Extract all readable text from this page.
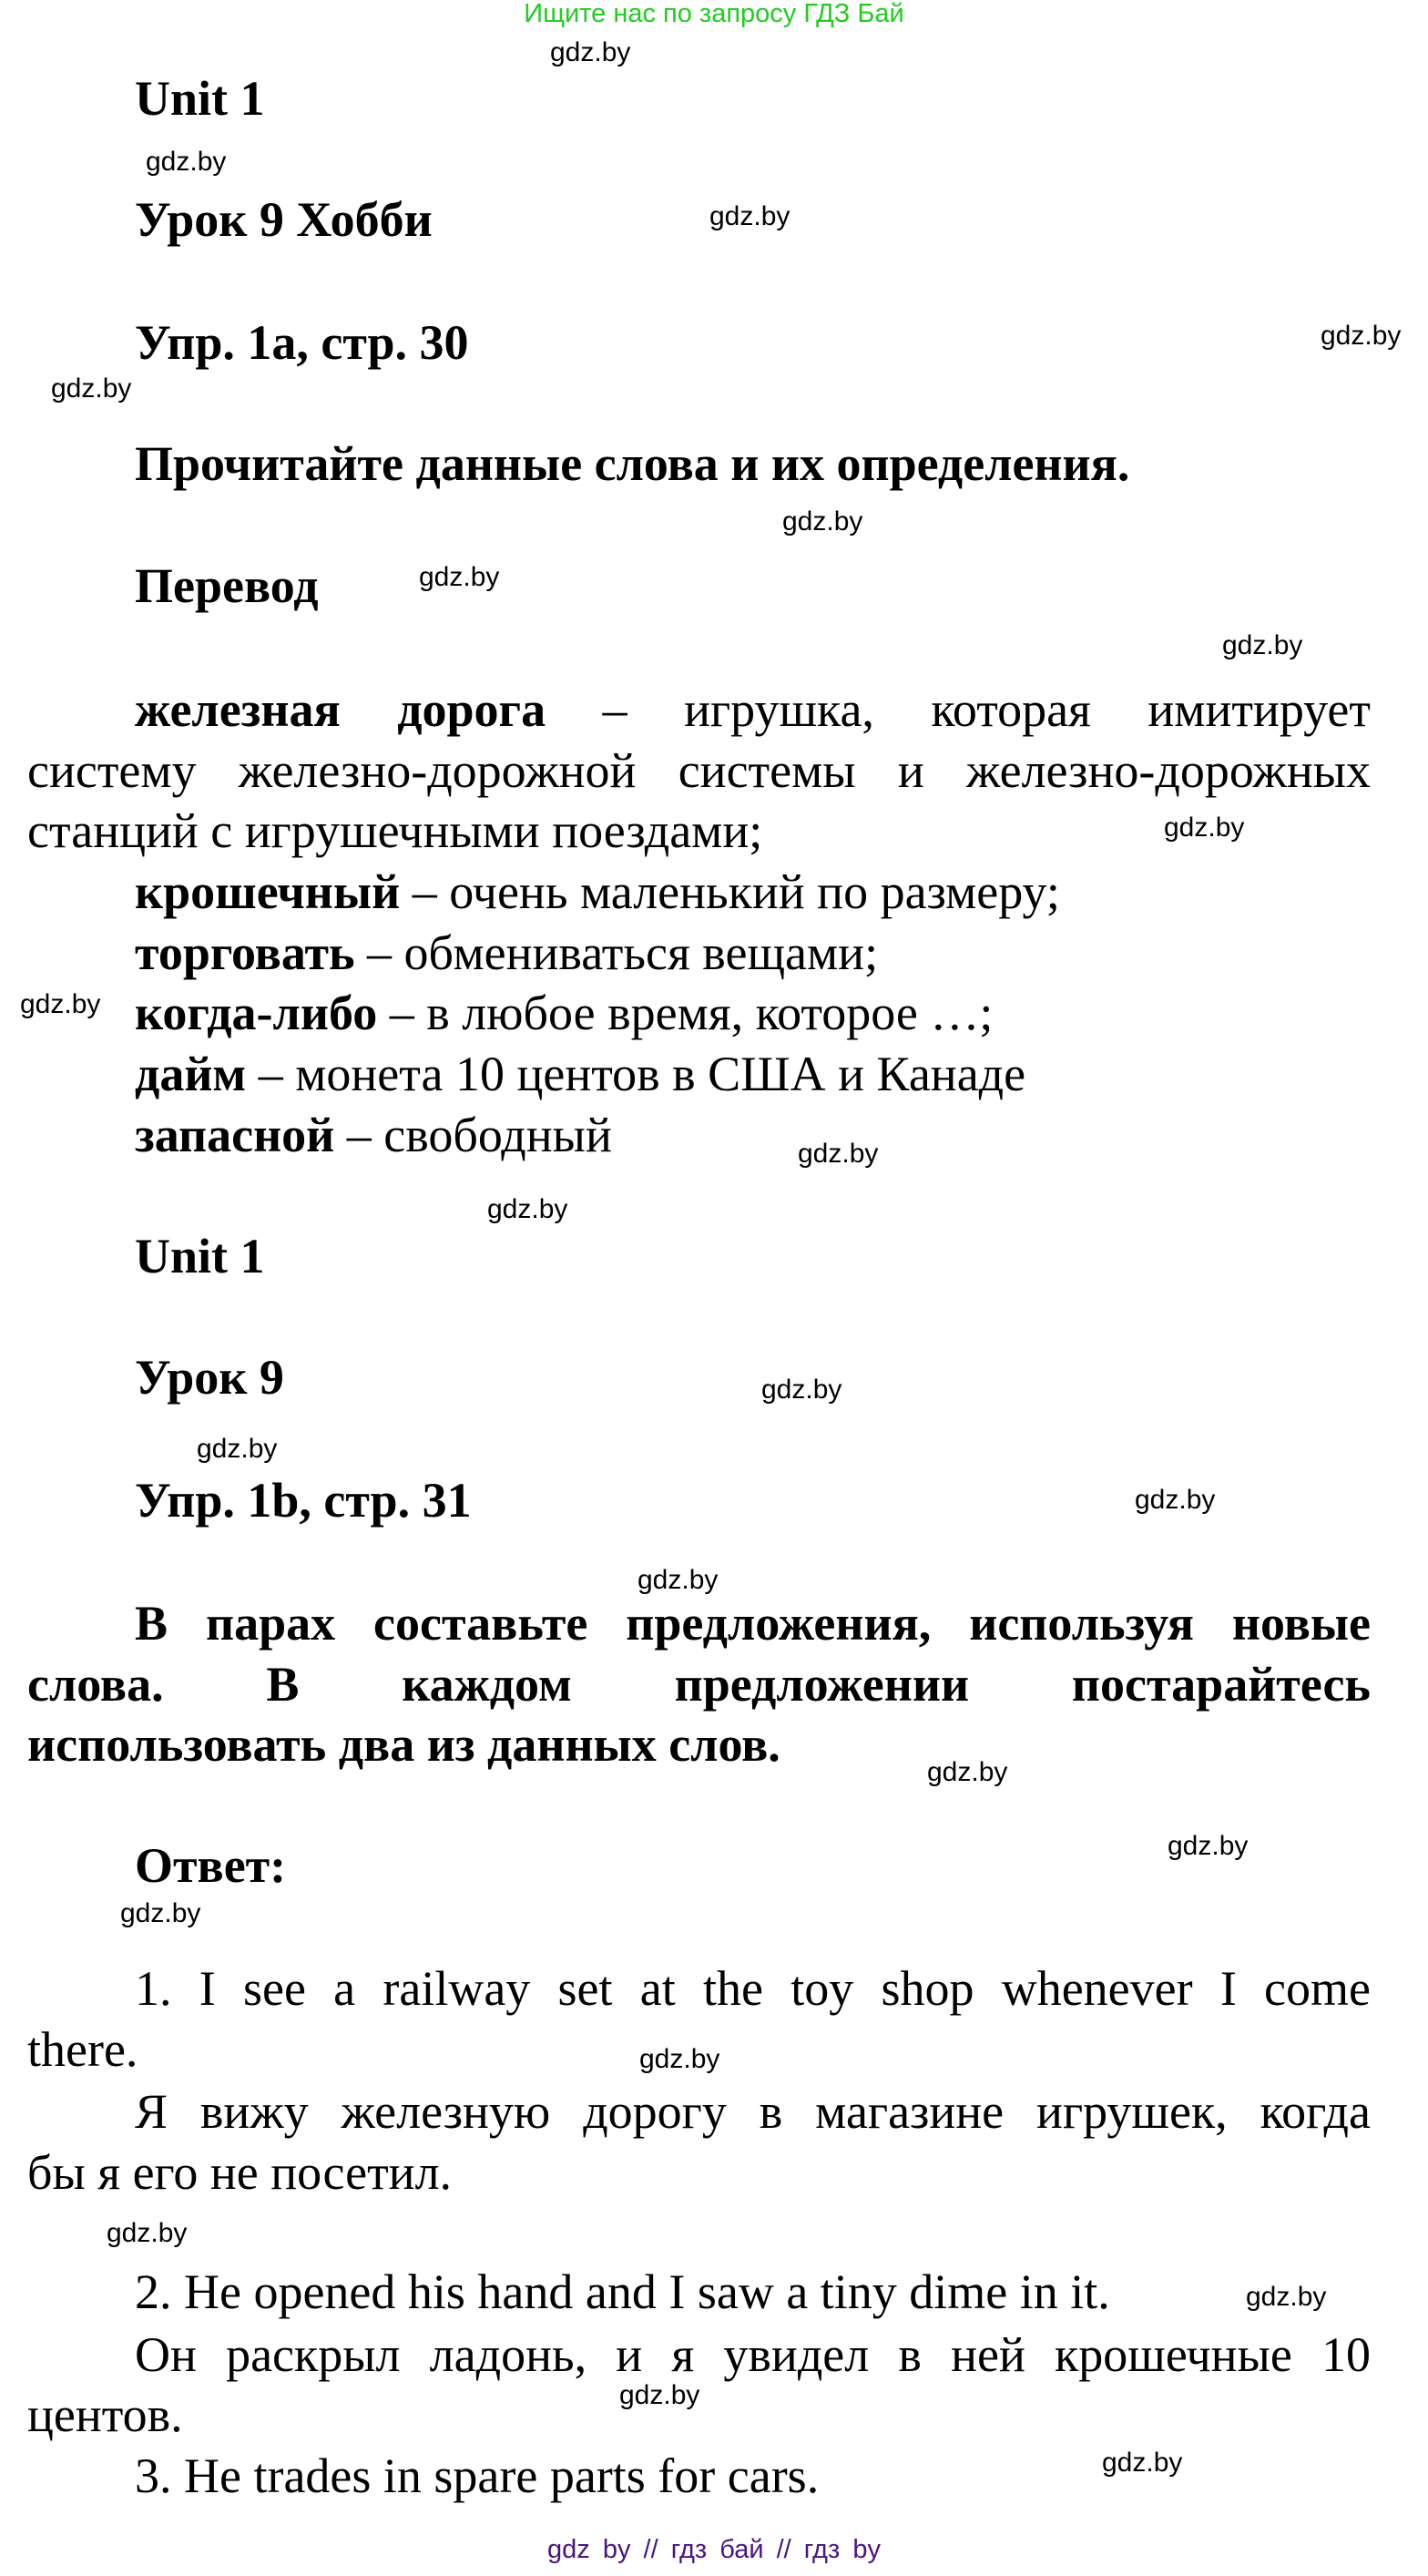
Ищите нас по запросу ГДЗ Бай
gdz.by
gdz.by
gdz.by
gdz.by
gdz.by
gdz.by
gdz.by
gdz.by
gdz.by
gdz.by
gdz.by
gdz.by
gdz.by
gdz.by
gdz.by
gdz.by
gdz.by
gdz.by
gdz.by
gdz.by
gdz.by
gdz.by
gdz.by
gdz.by
Unit 1
Урок 9 Хобби
Упр. 1a, стр. 30
Прочитайте данные слова и их определения.
Перевод
железная дорога – игрушка, которая имитирует
систему железно-дорожной системы и железно-дорожных
станций с игрушечными поездами;
крошечный – очень маленький по размеру;
торговать – обмениваться вещами;
когда-либо – в любое время, которое …;
дайм – монета 10 центов в США и Канаде
запасной – свободный
Unit 1
Урок 9
Упр. 1b, стр. 31
В парах составьте предложения, используя новые
слова. В каждом предложении постарайтесь
использовать два из данных слов.
Ответ:
1. I see a railway set at the toy shop whenever I come
there.
Я вижу железную дорогу в магазине игрушек, когда
бы я его не посетил.
2. He opened his hand and I saw a tiny dime in it.
Он раскрыл ладонь, и я увидел в ней крошечные 10
центов.
3. He trades in spare parts for cars.
gdz by // гдз бай // гдз by
